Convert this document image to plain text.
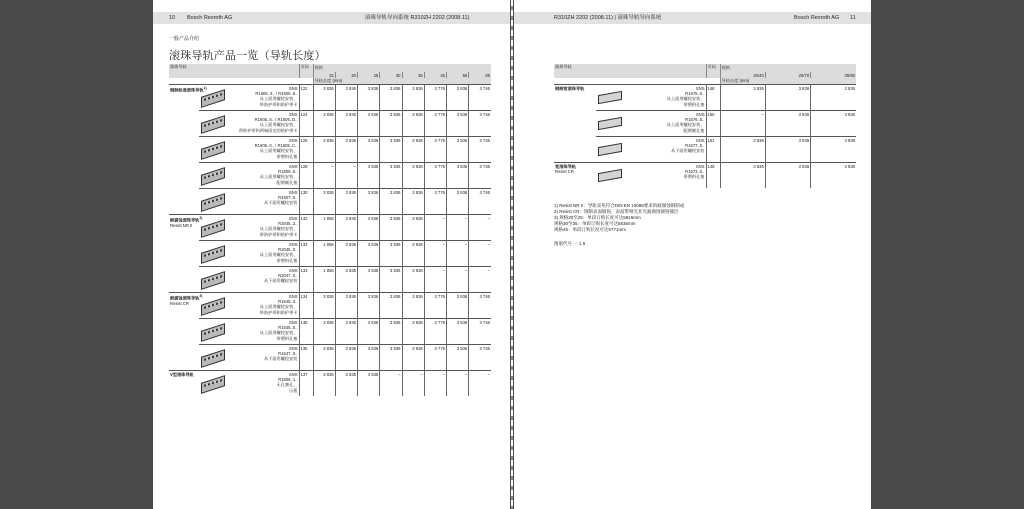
10 Bosch Rexroth AG	滚珠导轨导向系统 R310ZH 2202 (2008.11)
一般产品介绍
滚珠导轨产品一览（导轨长度）
滚珠导轨		页码	规格							
			15	20	25	30	35	45	55	65
			导轨长度 (mm)							
钢制标准滚珠导轨$^{1)}$	SNS
R1605..3.. / R1605..8..
从上面用螺栓安装、
带防护带和防护带卡	122	3 836	3 836	3 836	3 836	3 836	3 776	3 836	3 746

	SNS
R1605..6.. / R1605..D..
从上面用螺栓安装、
带防护带和两端固定的防护带卡	124	3 836	3 836	3 836	3 836	3 836	3 776	3 836	3 746

	SNS
R1605..0.. / R1605..C..
从上面用螺栓安装、
带塑料孔塞	126	3 836	3 836	3 836	3 836	3 836	3 776	3 836	3 746

	SNS
R1606..5..
从上面用螺栓安装、
配钢制孔塞	128	–	–	3 836	3 836	3 836	3 776	3 836	3 746

	SNS
R1607..0..
从下面用螺栓安装	130	3 836	3 836	3 836	3 836	3 836	3 776	3 836	3 746
耐腐蚀滚珠导轨$^{2)}$
Resist NR II	SNS
R2045..3..
从上面用螺栓安装、
带防护带和防护带卡	132	1 856	3 836	3 836	3 836	3 836	–	–	–

	SNS
R2045..0..
从上面用螺栓安装、
带塑料孔塞	133	1 856	3 836	3 836	3 836	3 836	–	–	–

	SNS
R2047..0..
从下面用螺栓安装	133	1 856	3 836	3 836	3 836	3 836	–	–	–
耐腐蚀滚珠导轨$^{3)}$
Resist CR	SNS
R1645..3..
从上面用螺栓安装、
带防护带和防护带卡	134	3 836	3 836	3 836	3 836	3 836	3 776	3 836	3 746

	SNS
R1645..0..
从上面用螺栓安装、
带塑料孔塞	135	3 836	3 836	3 836	3 836	3 836	3 776	3 836	3 746

	SNS
R1647..0..
从下面用螺栓安装	135	3 836	3 836	3 836	3 836	3 836	3 776	3 836	3 746
V型滚珠导轨	SNS
R1606..1..
无孔塞孔、
压板	137	3 836	3 836	3 836	–	–	–	–	–
R310ZH 2202 (2008.11) | 滚珠导轨导向系统	Bosch Rexroth AG 11
滚珠导轨		页码	规格		
			20/40	25/70	35/90
			导轨长度 (mm)		
钢制宽滚珠导轨	SNS
R1675..0..
从上面用螺栓安装、
带塑料孔塞	148	3 836	3 836	3 836

	SNS
R1676..5..
从上面用螺栓安装、
配钢制孔塞	150	–	3 836	3 836

	SNS
R1677..0..
从下面用螺栓安装	151	3 836	3 836	3 836
宽滚珠导轨
Resist CR	SNS
R1673..0..
带塑料孔塞	148	3 836	3 836	3 836
1) Resist NR II：导轨采用符合DIN EN 10088要求的耐腐蚀钢制成
2) Resist CR：钢制表面镀铬，表面带哑光亚光耐腐蚀镀铬镀层
3) 规格20至25：单段订购长度可达5816mm
规格30至35：单段订购长度可达5836mm
规格45：单段订购长度可达5771mm
图册代号 一 1 6
